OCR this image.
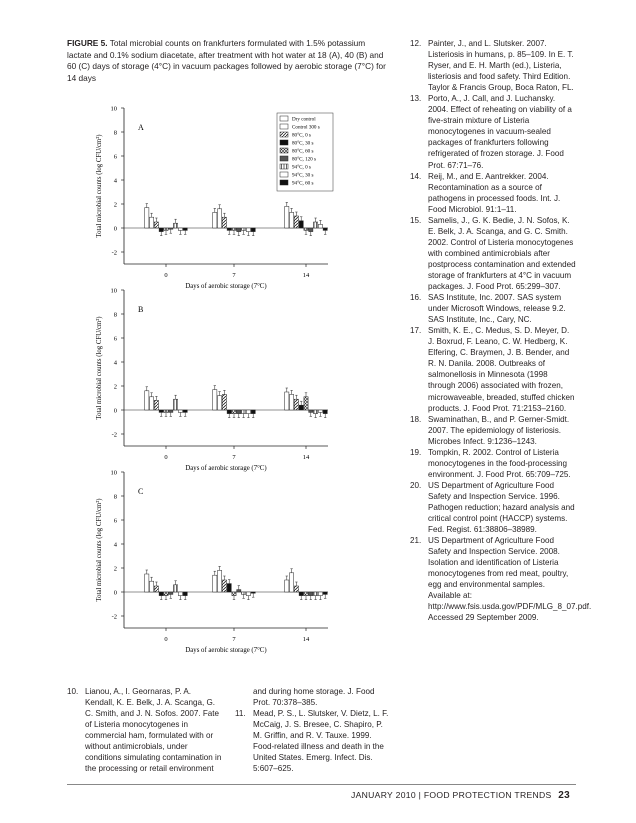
FIGURE 5. Total microbial counts on frankfurters formulated with 1.5% potassium lactate and 0.1% sodium diacetate, after treatment with hot water at 18 (A), 40 (B) and 60 (C) days of storage (4°C) in vacuum packages followed by aerobic storage (7°C) for 14 days
10
8
6
4
2
0
-2
Total microbial counts (log CFU/cm²)
A
0	7	14
Days of aerobic storage (7°C)
Dry control
Control 300 s
80°C, 0 s
80°C, 30 s
80°C, 60 s
80°C, 120 s
94°C, 0 s
94°C, 30 s
94°C, 60 s
10
8
6
4
2
0
-2
Total microbial counts (log CFU/cm²)
B
0	7	14
Days of aerobic storage (7°C)
10
8
6
4
2
0
-2
Total microbial counts (log CFU/cm²)
C
0	7	14
Days of aerobic storage (7°C)
12. Painter, J., and L. Slutsker. 2007. Listeriosis in humans, p. 85–109. In E. T. Ryser, and E. H. Marth (ed.), Listeria, listeriosis and food safety. Third Edition. Taylor & Francis Group, Boca Raton, FL.
13. Porto, A., J. Call, and J. Luchansky. 2004. Effect of reheating on viability of a five-strain mixture of Listeria monocytogenes in vacuum-sealed packages of frankfurters following refrigerated of frozen storage. J. Food Prot. 67:71–76.
14. Reij, M., and E. Aantrekker. 2004. Recontamination as a source of pathogens in processed foods. Int. J. Food Microbiol. 91:1–11.
15. Samelis, J., G. K. Bedie, J. N. Sofos, K. E. Belk, J. A. Scanga, and G. C. Smith. 2002. Control of Listeria monocytogenes with combined antimicrobials after postprocess contamination and extended storage of frankfurters at 4°C in vacuum packages. J. Food Prot. 65:299–307.
16. SAS Institute, Inc. 2007. SAS system under Microsoft Windows, release 9.2. SAS Institute, Inc., Cary, NC.
17. Smith, K. E., C. Medus, S. D. Meyer, D. J. Boxrud, F. Leano, C. W. Hedberg, K. Elfering, C. Braymen, J. B. Bender, and R. N. Danila. 2008. Outbreaks of salmonellosis in Minnesota (1998 through 2006) associated with frozen, microwaveable, breaded, stuffed chicken products. J. Food Prot. 71:2153–2160.
18. Swaminathan, B., and P. Gerner-Smidt. 2007. The epidemiology of listeriosis. Microbes Infect. 9:1236–1243.
19. Tompkin, R. 2002. Control of Listeria monocytogenes in the food-processing environment. J. Food Prot. 65:709–725.
20. US Department of Agriculture Food Safety and Inspection Service. 1996. Pathogen reduction; hazard analysis and critical control point (HACCP) systems. Fed. Regist. 61:38806–38989.
21. US Department of Agriculture Food Safety and Inspection Service. 2008. Isolation and identification of Listeria monocytogenes from red meat, poultry, egg and environmental samples. Available at: http://www.fsis.usda.gov/PDF/MLG_8_07.pdf. Accessed 29 September 2009.
10. Lianou, A., I. Geornaras, P. A. Kendall, K. E. Belk, J. A. Scanga, G. C. Smith, and J. N. Sofos. 2007. Fate of Listeria monocytogenes in commercial ham, formulated with or without antimicrobials, under conditions simulating contamination in the processing or retail environment
and during home storage. J. Food Prot. 70:378–385.
11. Mead, P. S., L. Slutsker, V. Dietz, L. F. McCaig, J. S. Bresee, C. Shapiro, P. M. Griffin, and R. V. Tauxe. 1999. Food-related illness and death in the United States. Emerg. Infect. Dis. 5:607–625.
JANUARY 2010 | FOOD PROTECTION TRENDS 23
